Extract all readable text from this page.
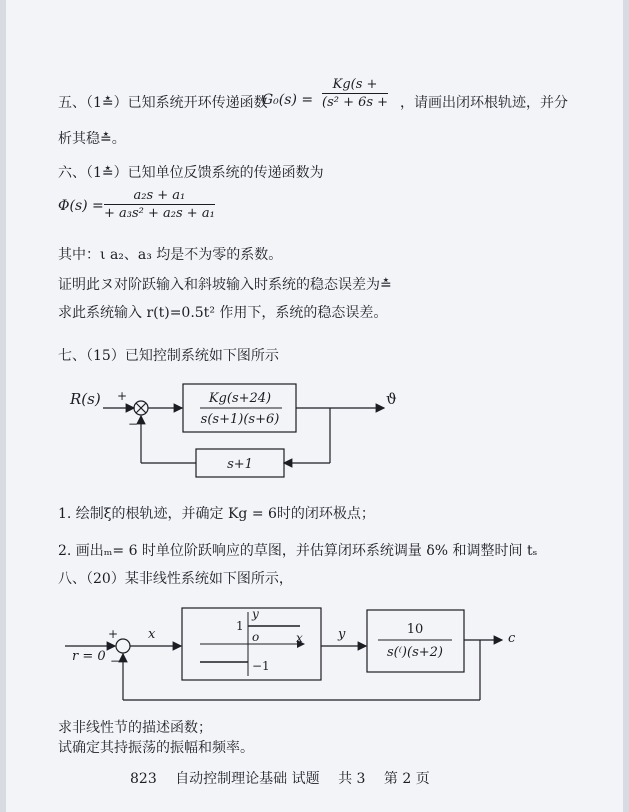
五、（1≛）已知系统开环传递函数
$G_0(s) = \frac{Kg(s +}{\text{(s² + 6s +}}$ ，请画出闭环根轨迹，并分
析其稳≛。
六、（1≛）已知单位反馈系统的传递函数为
$\Phi(s) = \frac{\text{a₂s + a₁}}{\text{+ a₃s² + a₂s + a₁}}$
其中：ι a₂、a₃ 均是不为零的系数。
证明此ヌ对阶跃输入和斜坡输入时系统的稳态误差为≛
求此系统输入 r(t)=0.5t² 作用下，系统的稳态误差。
七、（15）已知控制系统如下图所示
R(s) +
−
Kg(s+24)
s(s+1)(s+6)
s+1
ϑ
r = 0
+
−
x
y
1
o	x
−1
y	10
s(⁽)(s+2)
c
1. 绘制ξ的根轨迹，并确定 Kg = 6时的闭环极点；
2. 画出ₘ= 6 时单位阶跃响应的草图，并估算闭环系统调量 δ% 和调整时间 tₛ
八、（20）某非线性系统如下图所示，
求非线性节的描述函数；
试确定其持振荡的振幅和频率。
823 自动控制理论基础 试题 共 3 第 2 页
